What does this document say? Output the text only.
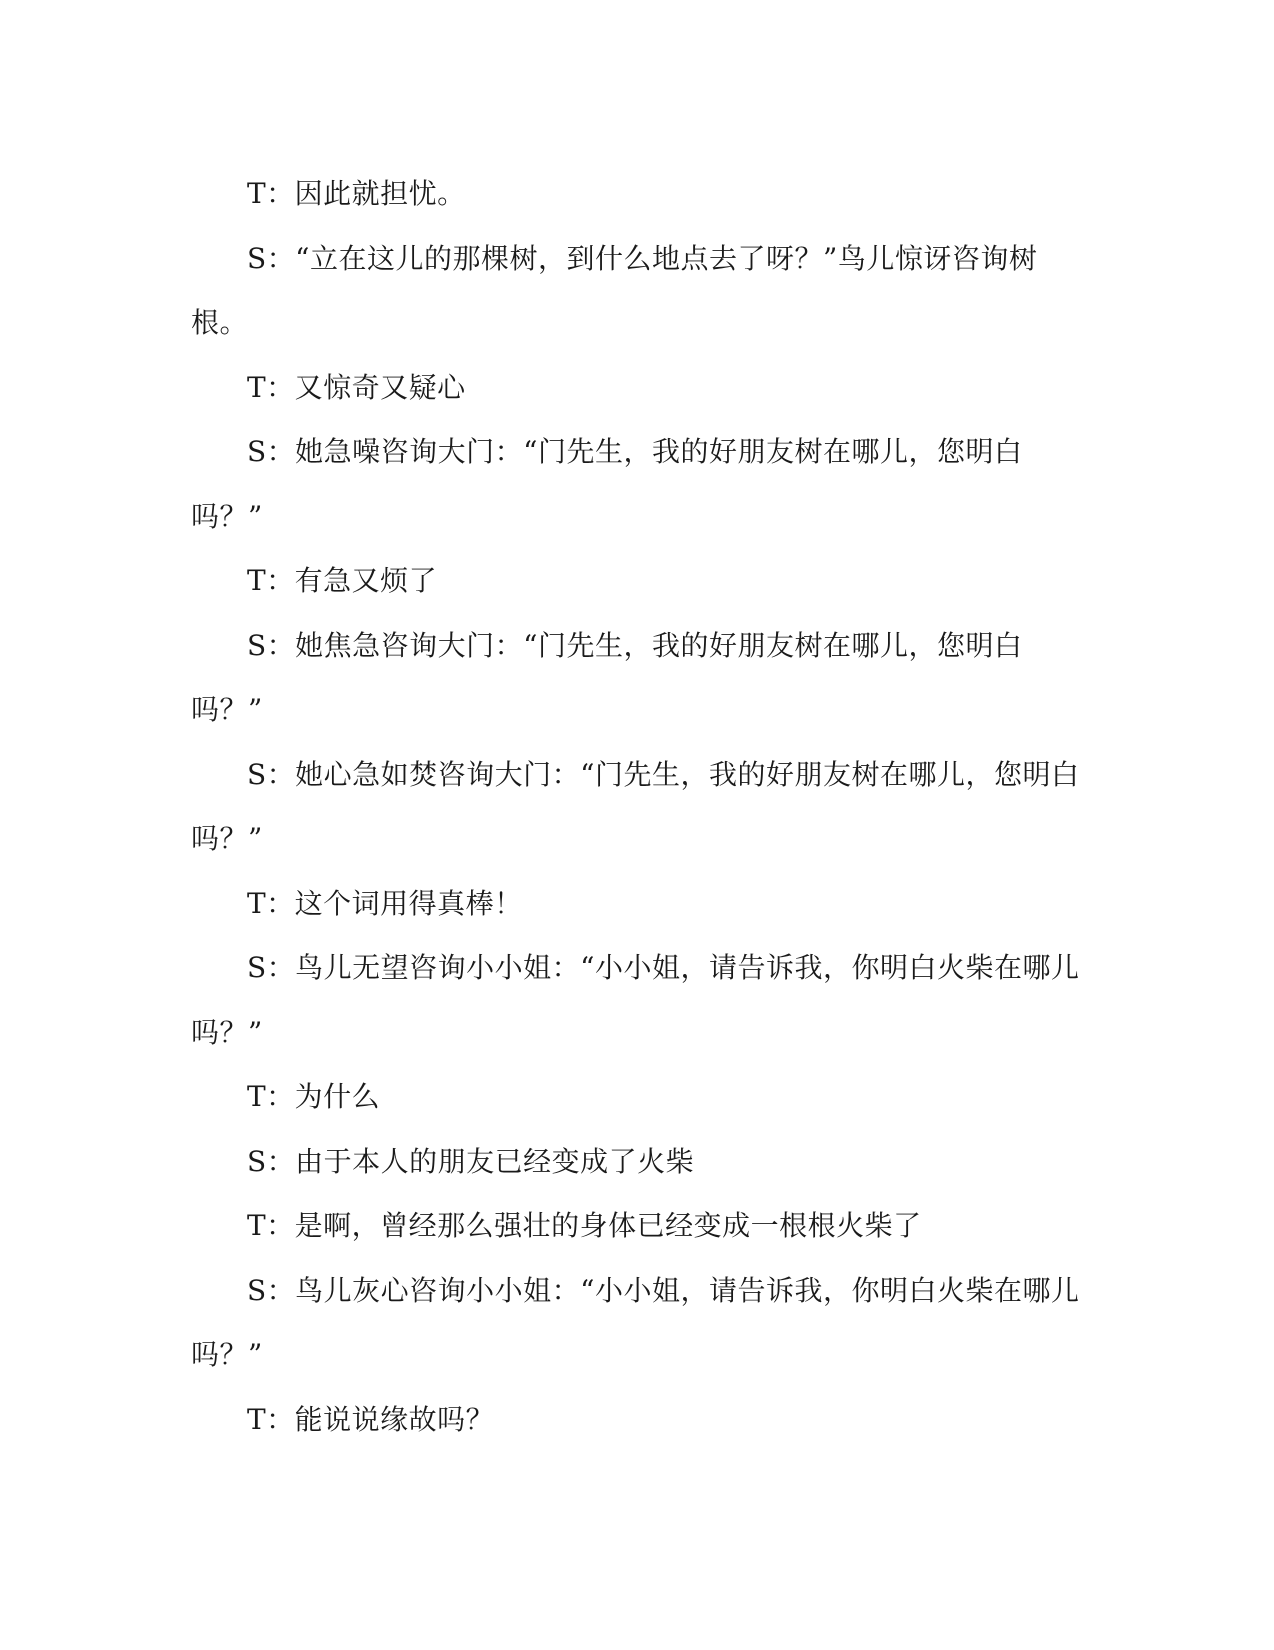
T：因此就担忧。

S：“立在这儿的那棵树，到什么地点去了呀？”鸟儿惊讶咨询树根。

T：又惊奇又疑心

S：她急噪咨询大门：“门先生，我的好朋友树在哪儿，您明白吗？”

T：有急又烦了

S：她焦急咨询大门：“门先生，我的好朋友树在哪儿，您明白吗？”

S：她心急如焚咨询大门：“门先生，我的好朋友树在哪儿，您明白吗？”

T：这个词用得真棒！

S：鸟儿无望咨询小小姐：“小小姐，请告诉我，你明白火柴在哪儿吗？”

T：为什么

S：由于本人的朋友已经变成了火柴

T：是啊，曾经那么强壮的身体已经变成一根根火柴了

S：鸟儿灰心咨询小小姐：“小小姐，请告诉我，你明白火柴在哪儿吗？”

T：能说说缘故吗？
